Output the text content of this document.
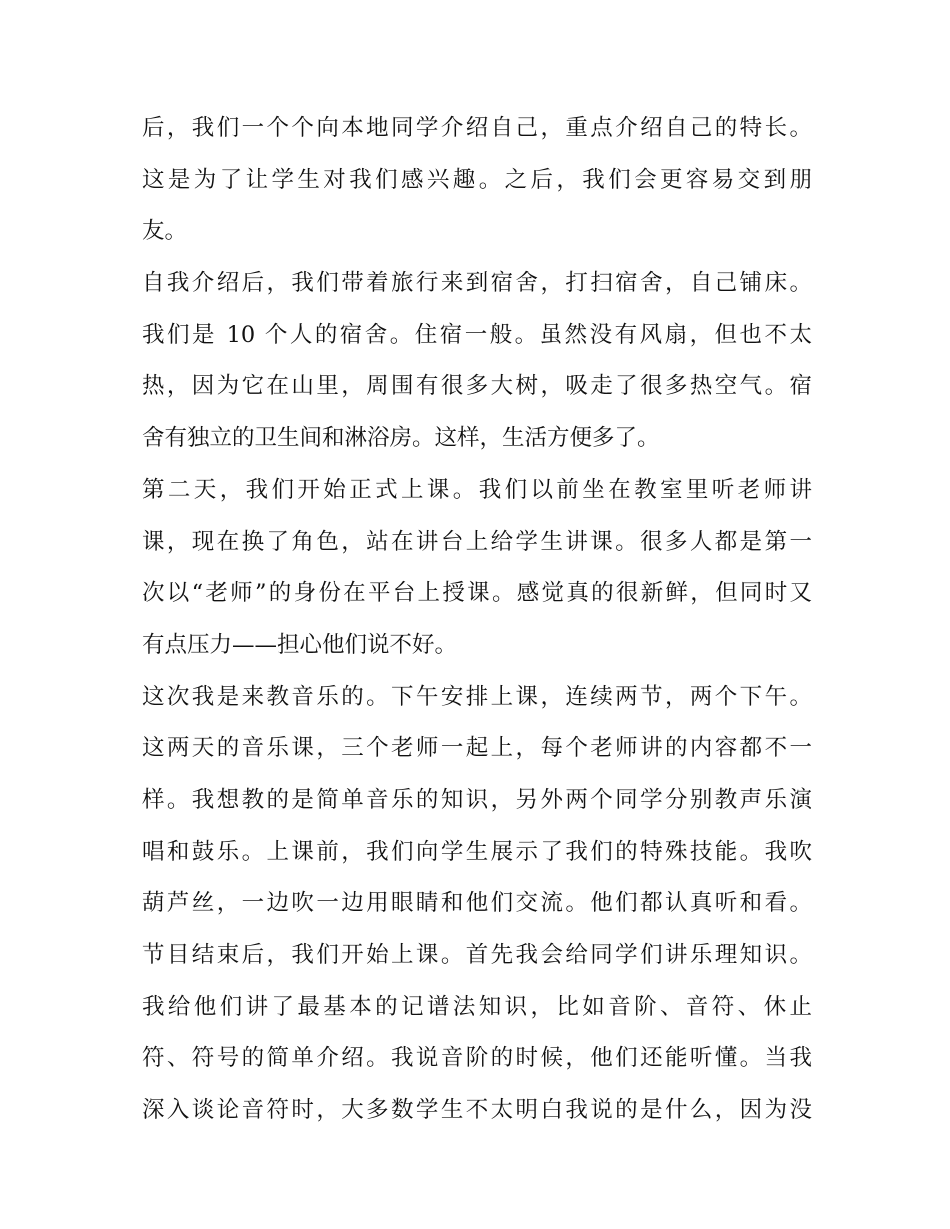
后，我们一个个向本地同学介绍自己，重点介绍自己的特长。
这是为了让学生对我们感兴趣。之后，我们会更容易交到朋
友。
自我介绍后，我们带着旅行来到宿舍，打扫宿舍，自己铺床。
我们是 10 个人的宿舍。住宿一般。虽然没有风扇，但也不太
热，因为它在山里，周围有很多大树，吸走了很多热空气。宿
舍有独立的卫生间和淋浴房。这样，生活方便多了。
第二天，我们开始正式上课。我们以前坐在教室里听老师讲
课，现在换了角色，站在讲台上给学生讲课。很多人都是第一
次以“老师”的身份在平台上授课。感觉真的很新鲜，但同时又
有点压力——担心他们说不好。
这次我是来教音乐的。下午安排上课，连续两节，两个下午。
这两天的音乐课，三个老师一起上，每个老师讲的内容都不一
样。我想教的是简单音乐的知识，另外两个同学分别教声乐演
唱和鼓乐。上课前，我们向学生展示了我们的特殊技能。我吹
葫芦丝，一边吹一边用眼睛和他们交流。他们都认真听和看。
节目结束后，我们开始上课。首先我会给同学们讲乐理知识。
我给他们讲了最基本的记谱法知识，比如音阶、音符、休止
符、符号的简单介绍。我说音阶的时候，他们还能听懂。当我
深入谈论音符时，大多数学生不太明白我说的是什么，因为没
